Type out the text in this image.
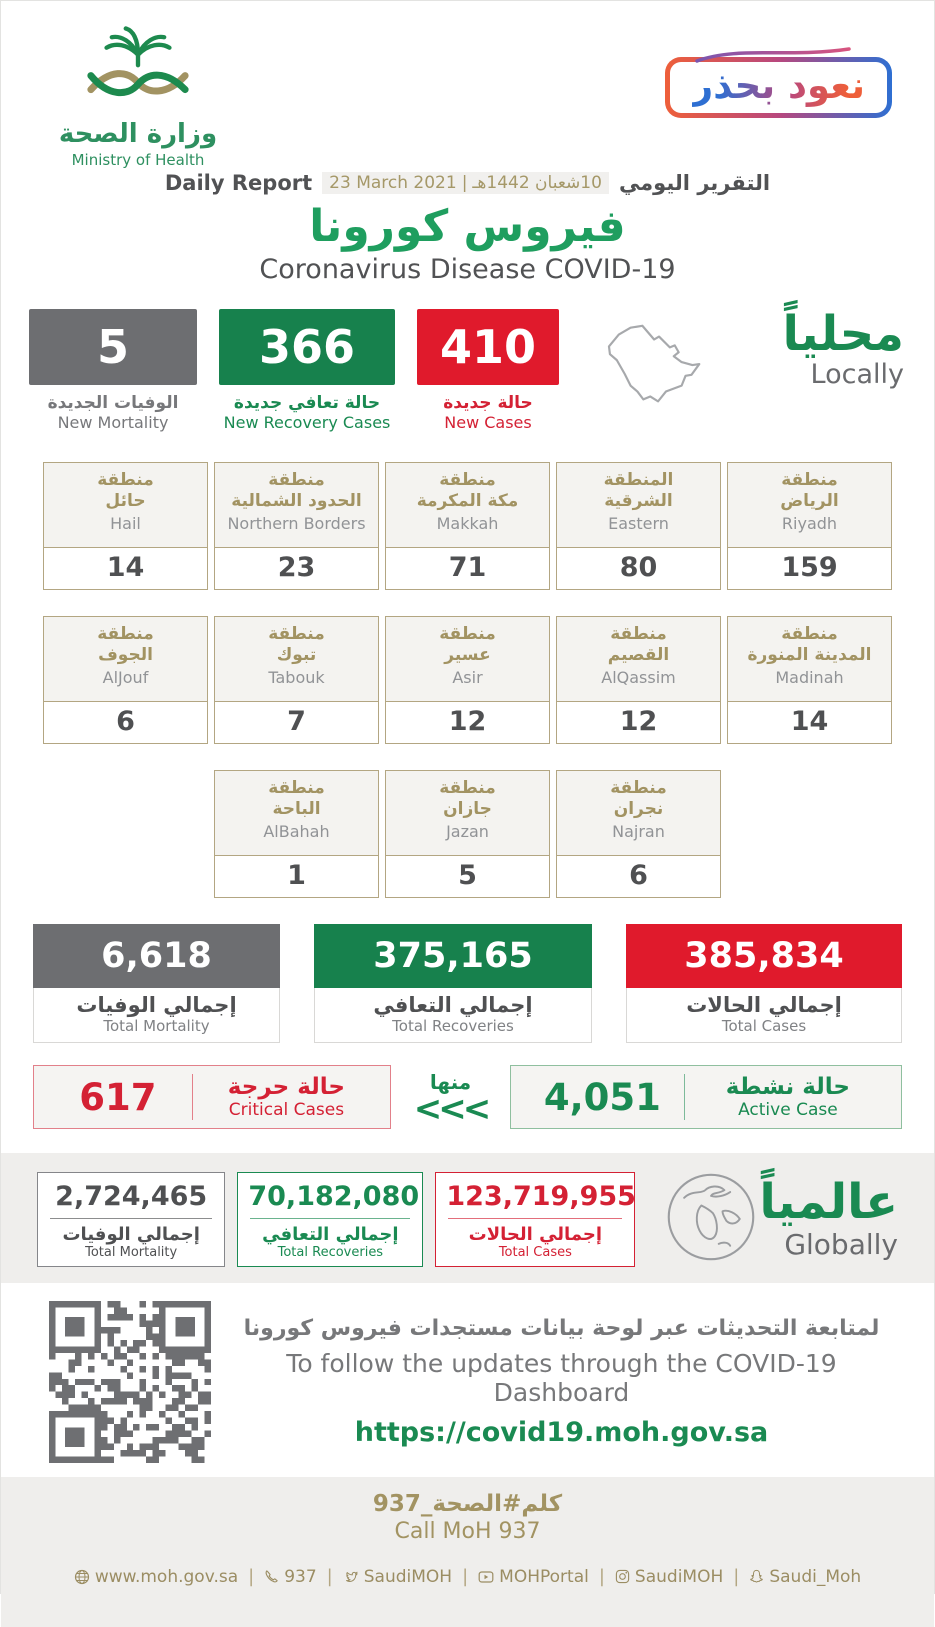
وزارة الصحة
Ministry of Health
نعود بحذر
Daily Report 23 March 2021 | 10شعبان 1442هـ التقرير اليومي
فيروس كورونا
Coronavirus Disease COVID-19
5
الوفيات الجديدة
New Mortality
366
حالة تعافي جديدة
New Recovery Cases
410
حالة جديدة
New Cases
محلياً
Locally
منطقة
حائل
Hail
14
منطقة
الحدود الشمالية
Northern Borders
23
منطقة
مكة المكرمة
Makkah
71
المنطقة
الشرقية
Eastern
80
منطقة
الرياض
Riyadh
159
منطقة
الجوف
AlJouf
6
منطقة
تبوك
Tabouk
7
منطقة
عسير
Asir
12
منطقة
القصيم
AlQassim
12
منطقة
المدينة المنورة
Madinah
14
منطقة
الباحة
AlBahah
1
منطقة
جازان
Jazan
5
منطقة
نجران
Najran
6
6,618
إجمالي الوفيات
Total Mortality
375,165
إجمالي التعافي
Total Recoveries
385,834
إجمالي الحالات
Total Cases
617	حالة حرجة
Critical Cases
منها
<<<	4,051	حالة نشطة
Active Case
2,724,465
إجمالي الوفيات
Total Mortality
70,182,080
إجمالي التعافي
Total Recoveries
123,719,955
إجمالي الحالات
Total Cases
عالمياً
Globally
لمتابعة التحديثات عبر لوحة بيانات مستجدات فيروس كورونا
To follow the updates through the COVID-19 Dashboard
https://covid19.moh.gov.sa
كلم#الصحة_937
Call MoH 937
www.moh.gov.sa | 937 | SaudiMOH | MOHPortal | SaudiMOH | Saudi_Moh
